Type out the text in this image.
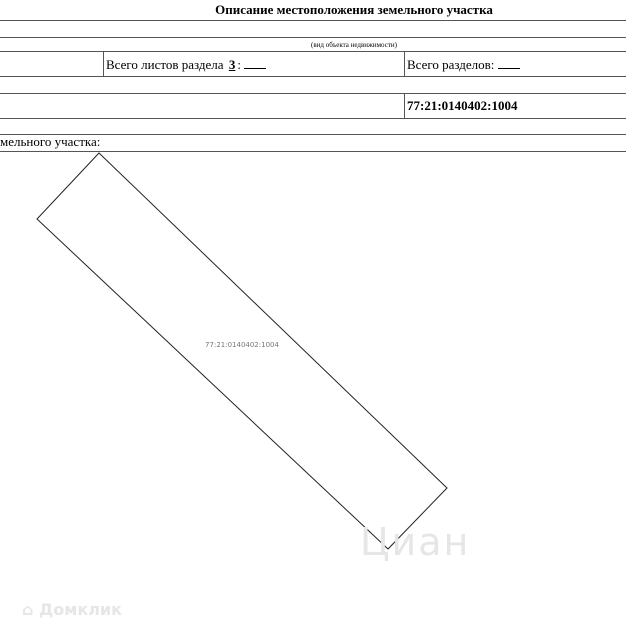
Описание местоположения земельного участка
(вид объекта недвижимости)
Всего листов раздела 3 :	Всего разделов:
77:21:0140402:1004
мельного участка:
77:21:0140402:1004
Циан
⌂ Домклик
